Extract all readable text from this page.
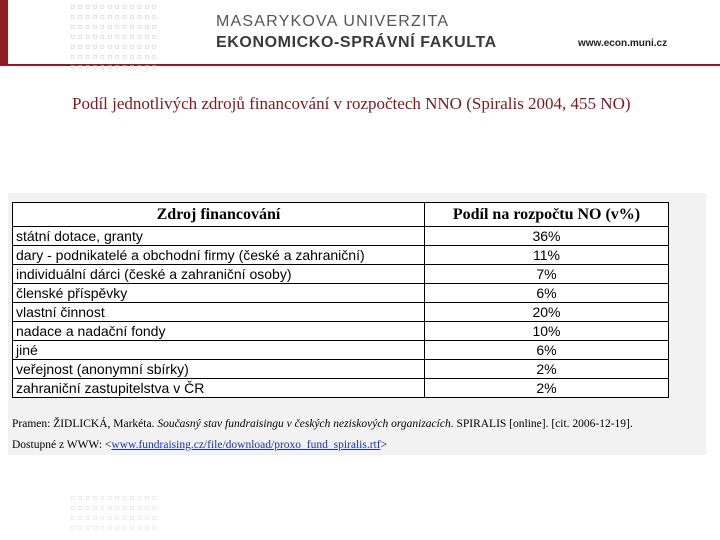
▫▫▫▫▫▫▫▫▫▫▫▫
▫▫▫▫▫▫▫▫▫▫▫▫
▫▫▫▫▫▫▫▫▫▫▫▫
▫▫▫▫▫▫▫▫▫▫▫▫
▫▫▫▫▫▫▫▫▫▫▫▫
▫▫▫▫▫▫▫▫▫▫▫▫
▫▫▫▫▫▫▫▫▫▫▫▫
MASARYKOVA UNIVERZITA
EKONOMICKO-SPRÁVNÍ FAKULTA	www.econ.muni.cz
Podíl jednotlivých zdrojů financování v rozpočtech NNO (Spiralis 2004, 455 NO)
Zdroj financování	Podíl na rozpočtu NO (v%)
státní dotace, granty	36%
dary - podnikatelé a obchodní firmy (české a zahraniční)	11%
individuální dárci (české a zahraniční osoby)	7%
členské příspěvky	6%
vlastní činnost	20%
nadace a nadační fondy	10%
jiné	6%
veřejnost (anonymní sbírky)	2%
zahraniční zastupitelstva v ČR	2%
Pramen: ŽIDLICKÁ, Markéta. Současný stav fundraisingu v českých neziskových organizacích. SPIRALIS [online]. [cit. 2006-12-19].
Dostupné z WWW: <www.fundraising.cz/file/download/proxo_fund_spiralis.rtf>
▫▫▫▫▫▫▫▫▫▫▫▫
▫▫▫▫▫▫▫▫▫▫▫▫
▫▫▫▫▫▫▫▫▫▫▫▫
▫▫▫▫▫▫▫▫▫▫▫▫
